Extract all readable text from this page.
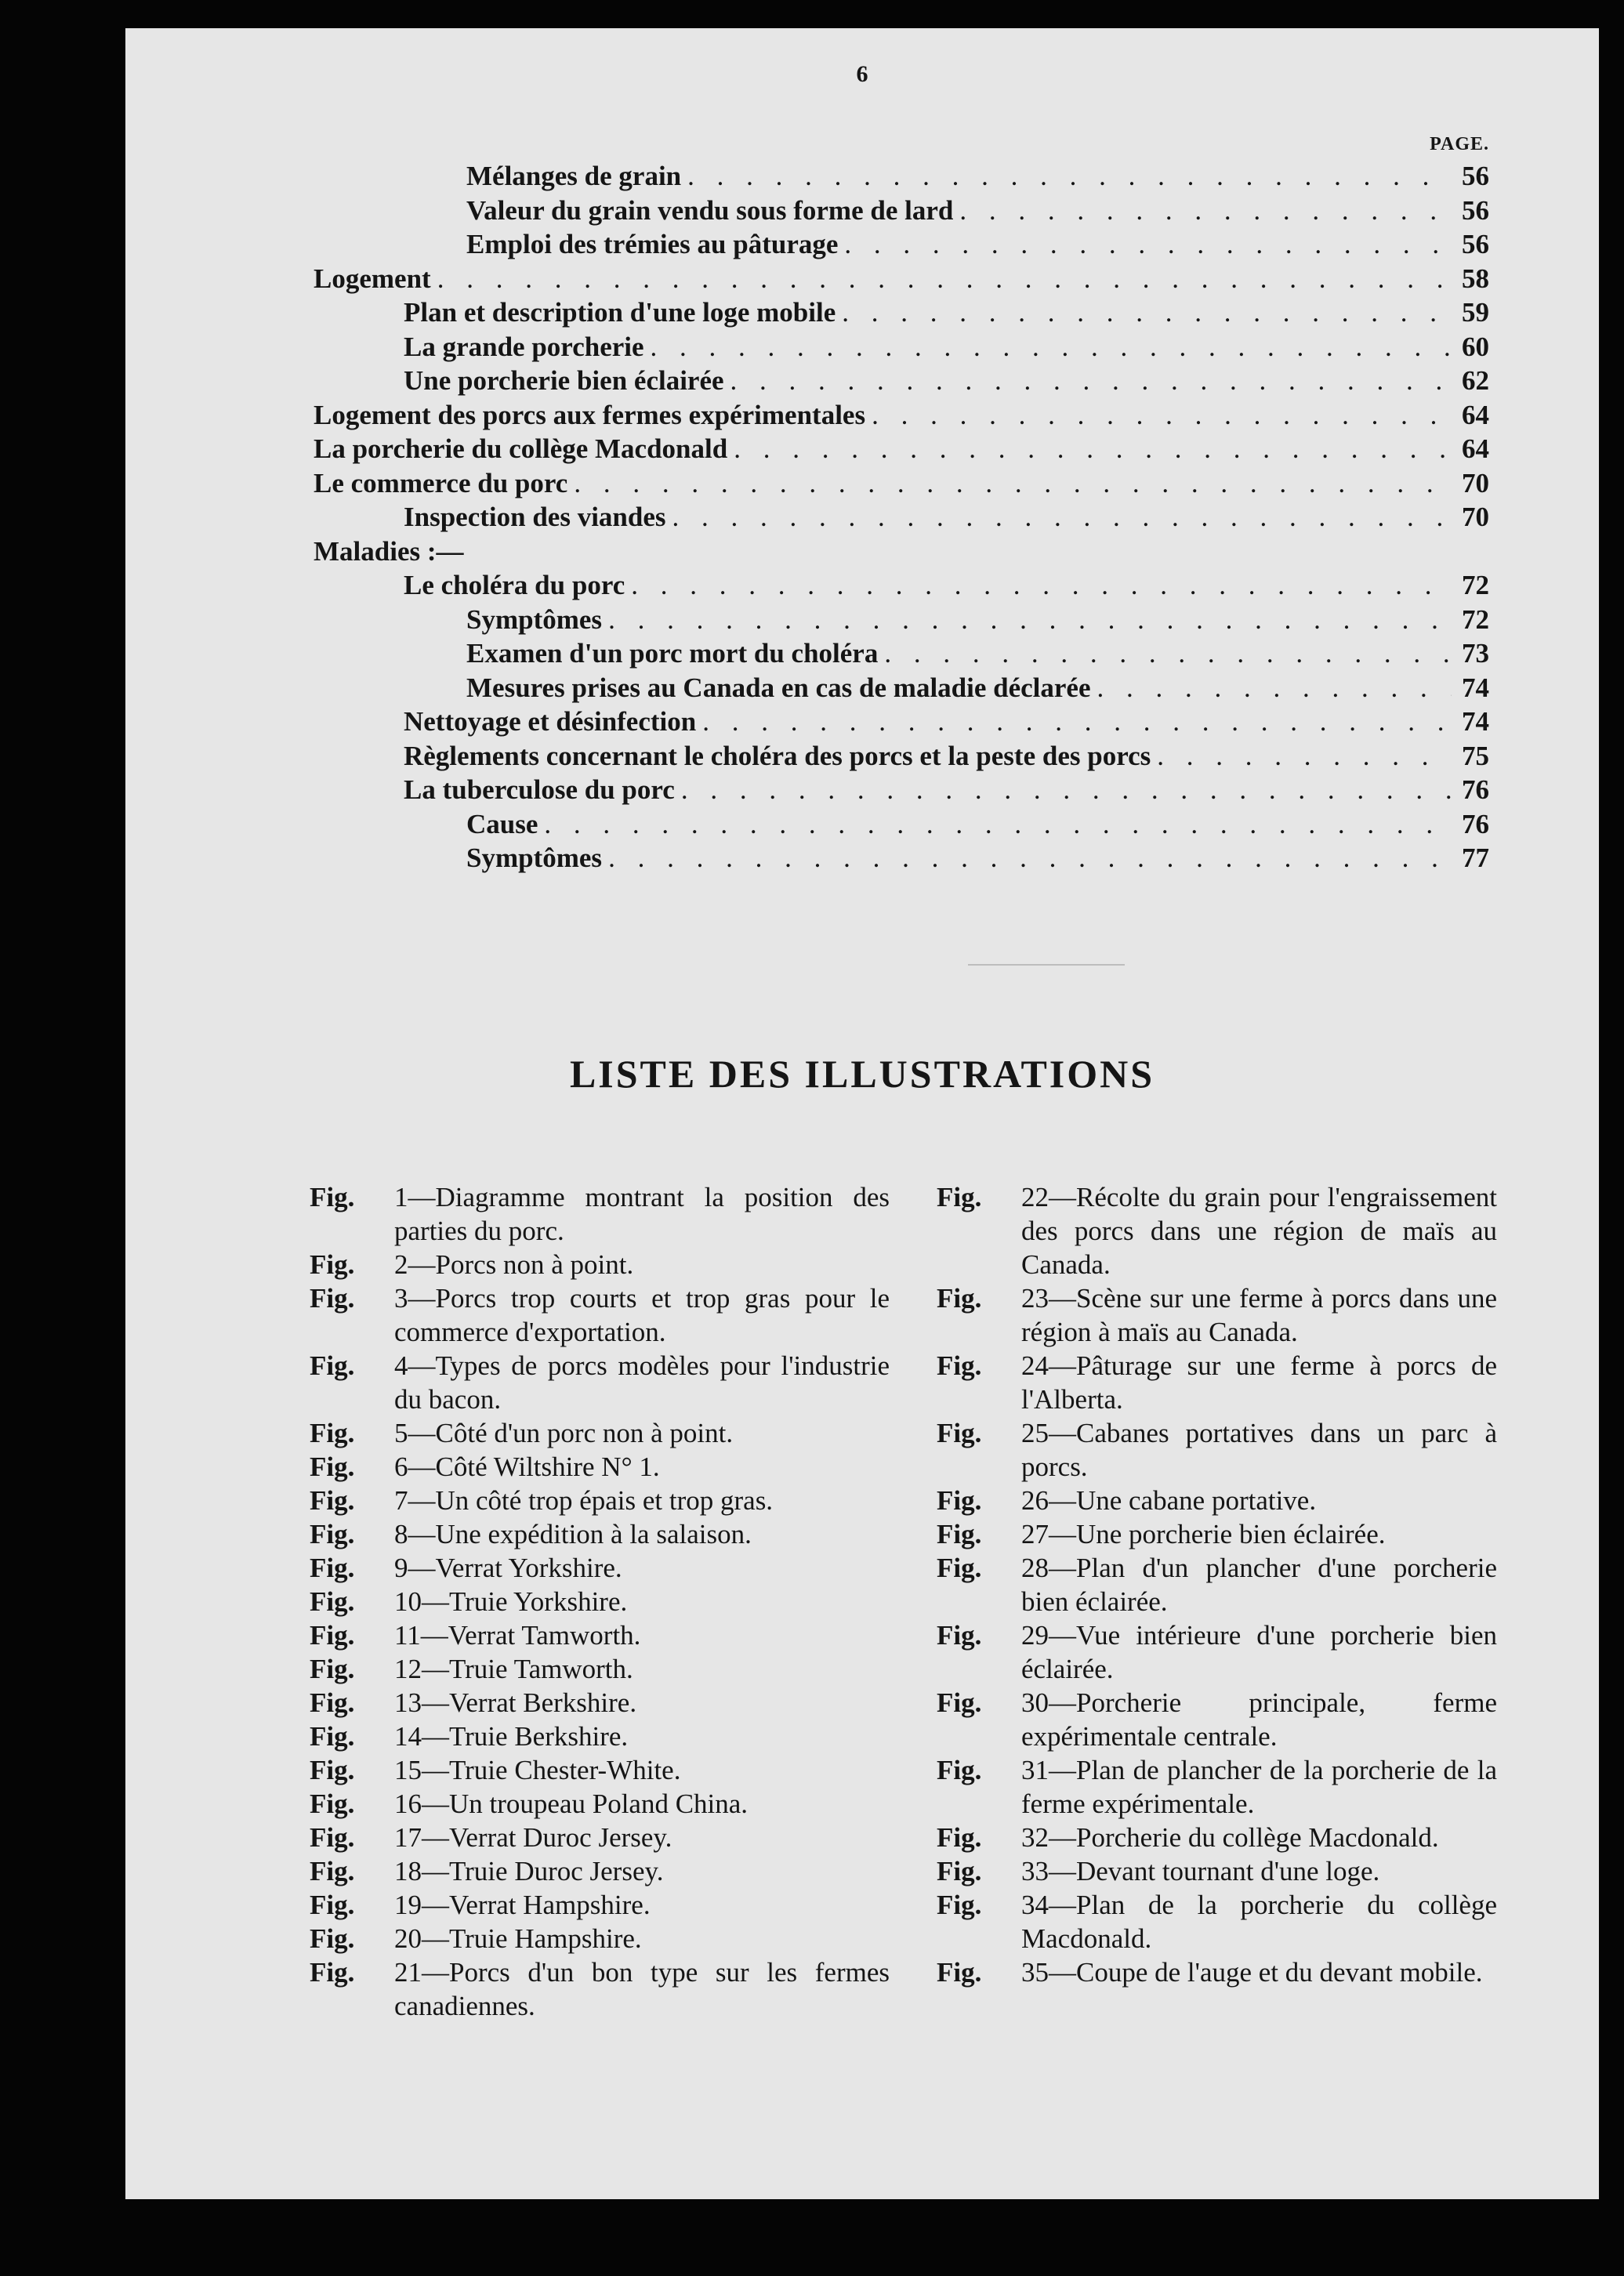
6
PAGE.
Mélanges de grain . . .	56
Valeur du grain vendu sous forme de lard . . .	56
Emploi des trémies au pâturage . . .	56
Logement . . .	58
Plan et description d'une loge mobile . . .	59
La grande porcherie . . .	60
Une porcherie bien éclairée . . .	62
Logement des porcs aux fermes expérimentales . . .	64
La porcherie du collège Macdonald . . .	64
Le commerce du porc . . .	70
Inspection des viandes . . .	70
Maladies :—
Le choléra du porc . . .	72
Symptômes . . .	72
Examen d'un porc mort du choléra . . .	73
Mesures prises au Canada en cas de maladie déclarée . . .	74
Nettoyage et désinfection . . .	74
Règlements concernant le choléra des porcs et la peste des porcs . . .	75
La tuberculose du porc . . .	76
Cause . . .	76
Symptômes . . .	77
LISTE DES ILLUSTRATIONS
Fig.	1—Diagramme montrant la position des parties du porc.
Fig.	2—Porcs non à point.
Fig.	3—Porcs trop courts et trop gras pour le commerce d'exportation.
Fig.	4—Types de porcs modèles pour l'industrie du bacon.
Fig.	5—Côté d'un porc non à point.
Fig.	6—Côté Wiltshire N° 1.
Fig.	7—Un côté trop épais et trop gras.
Fig.	8—Une expédition à la salaison.
Fig.	9—Verrat Yorkshire.
Fig.	10—Truie Yorkshire.
Fig.	11—Verrat Tamworth.
Fig.	12—Truie Tamworth.
Fig.	13—Verrat Berkshire.
Fig.	14—Truie Berkshire.
Fig.	15—Truie Chester-White.
Fig.	16—Un troupeau Poland China.
Fig.	17—Verrat Duroc Jersey.
Fig.	18—Truie Duroc Jersey.
Fig.	19—Verrat Hampshire.
Fig.	20—Truie Hampshire.
Fig.	21—Porcs d'un bon type sur les fermes canadiennes.
Fig.	22—Récolte du grain pour l'engraissement des porcs dans une région de maïs au Canada.
Fig.	23—Scène sur une ferme à porcs dans une région à maïs au Canada.
Fig.	24—Pâturage sur une ferme à porcs de l'Alberta.
Fig.	25—Cabanes portatives dans un parc à porcs.
Fig.	26—Une cabane portative.
Fig.	27—Une porcherie bien éclairée.
Fig.	28—Plan d'un plancher d'une porcherie bien éclairée.
Fig.	29—Vue intérieure d'une porcherie bien éclairée.
Fig.	30—Porcherie principale, ferme expérimentale centrale.
Fig.	31—Plan de plancher de la porcherie de la ferme expérimentale.
Fig.	32—Porcherie du collège Macdonald.
Fig.	33—Devant tournant d'une loge.
Fig.	34—Plan de la porcherie du collège Macdonald.
Fig.	35—Coupe de l'auge et du devant mobile.
